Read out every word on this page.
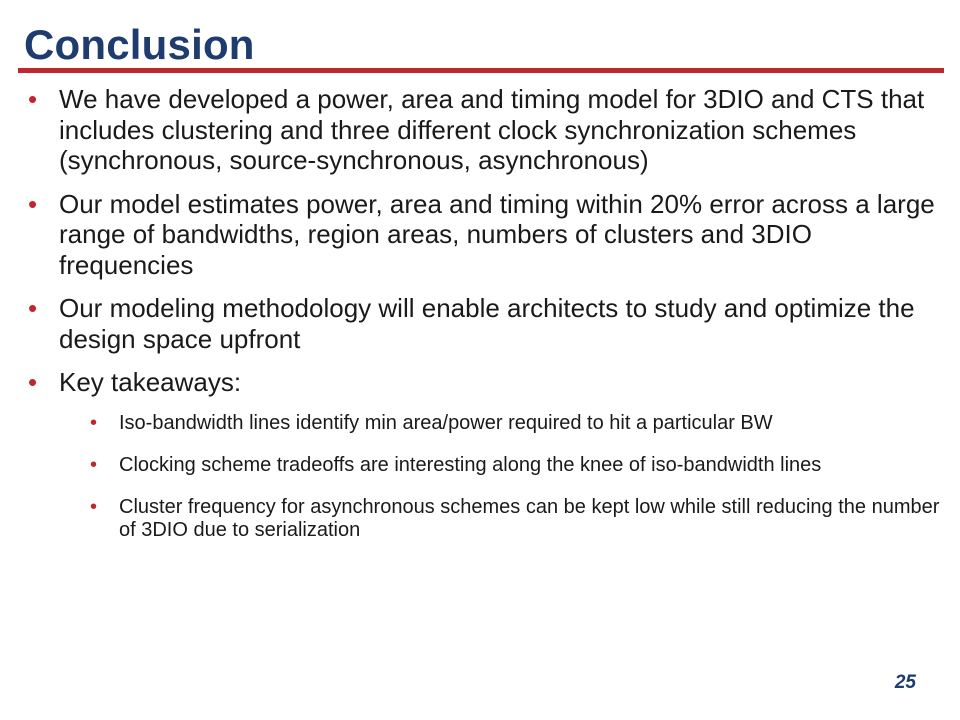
Conclusion
• We have developed a power, area and timing model for 3DIO and CTS that includes clustering and three different clock synchronization schemes (synchronous, source-synchronous, asynchronous)
• Our model estimates power, area and timing within 20% error across a large range of bandwidths, region areas, numbers of clusters and 3DIO frequencies
• Our modeling methodology will enable architects to study and optimize the design space upfront
• Key takeaways:
• Iso-bandwidth lines identify min area/power required to hit a particular BW
• Clocking scheme tradeoffs are interesting along the knee of iso-bandwidth lines
• Cluster frequency for asynchronous schemes can be kept low while still reducing the number of 3DIO due to serialization
25
